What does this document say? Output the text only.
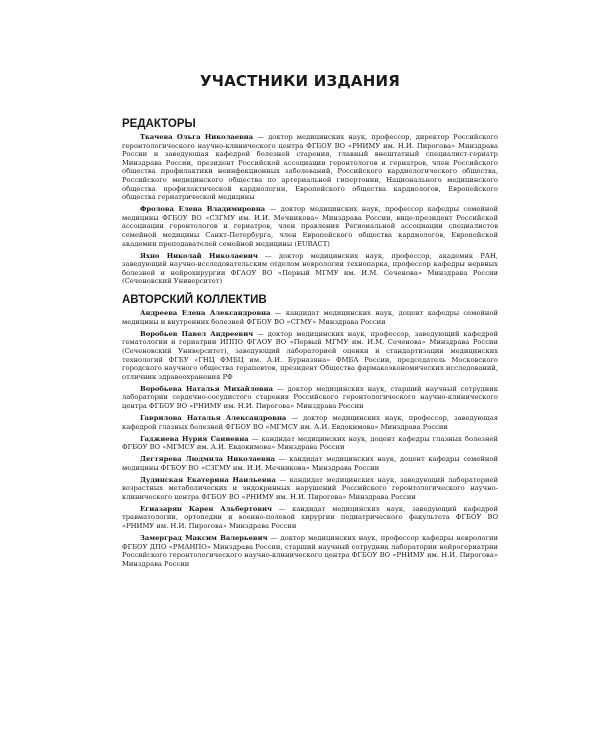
УЧАСТНИКИ ИЗДАНИЯ
РЕДАКТОРЫ

Ткачева Ольга Николаевна — доктор медицинских наук, профессор, директор Российского геронтологического научно-клинического центра ФГБОУ ВО «РНИМУ им. Н.И. Пирогова» Минздрава России и заведующая кафедрой болезней старения, главный внештатный специалист-гериатр Минздрава России, президент Российской ассоциации геронтологов и гериатров, член Российского общества профилактики неинфекционных заболеваний, Российского кардиологического общества, Российского медицинского общества по артериальной гипертонии, Национального медицинского общества профилактической кардиологии, Европейского общества кардиологов, Европейского общества гериатрической медицины

Фролова Елена Владимировна — доктор медицинских наук, профессор кафедры семейной медицины ФГБОУ ВО «СЗГМУ им. И.И. Мечникова» Минздрава России, вице-президент Российской ассоциации геронтологов и гериатров, член правления Региональной ассоциации специалистов семейной медицины Санкт-Петербурга, член Европейского общества кардиологов, Европейской академии преподавателей семейной медицины (EURACT)

Яхно Николай Николаевич — доктор медицинских наук, профессор, академик РАН, заведующий научно-исследовательским отделом неврологии технопарка, профессор кафедры нервных болезней и нейрохирургии ФГАОУ ВО «Первый МГМУ им. И.М. Сеченова» Минздрава России (Сеченовский Университет)

АВТОРСКИЙ КОЛЛЕКТИВ

Андреева Елена Александровна — кандидат медицинских наук, доцент кафедры семейной медицины и внутренних болезней ФГБОУ ВО «СГМУ» Минздрава России

Воробьев Павел Андреевич — доктор медицинских наук, профессор, заведующий кафедрой гематологии и гериатрии ИППО ФГАОУ ВО «Первый МГМУ им. И.М. Сеченова» Минздрава России (Сеченовский Университет), заведующий лабораторией оценки и стандартизации медицинских технологий ФГБУ «ГНЦ ФМБЦ им. А.И. Бурназяна» ФМБА России, председатель Московского городского научного общества терапевтов, президент Общества фармакоэкономических исследований, отличник здравоохранения РФ

Воробьева Наталья Михайловна — доктор медицинских наук, старший научный сотрудник лаборатории сердечно-сосудистого старения Российского геронтологического научно-клинического центра ФГБОУ ВО «РНИМУ им. Н.И. Пирогова» Минздрава России

Гаврилова Наталья Александровна — доктор медицинских наук, профессор, заведующая кафедрой глазных болезней ФГБОУ ВО «МГМСУ им. А.И. Евдокимова» Минздрава России

Гаджиева Нурия Саниевна — кандидат медицинских наук, доцент кафедры глазных болезней ФГБОУ ВО «МГМСУ им. А.И. Евдокимова» Минздрава России

Дегтярева Людмила Николаевна — кандидат медицинских наук, доцент кафедры семейной медицины ФГБОУ ВО «СЗГМУ им. И.И. Мечникова» Минздрава России

Дудинская Екатерина Наильевна — кандидат медицинских наук, заведующий лабораторией возрастных метаболических и эндокринных нарушений Российского геронтологического научно-клинического центра ФГБОУ ВО «РНИМУ им. Н.И. Пирогова» Минздрава России

Егиазарян Карен Альбертович — кандидат медицинских наук, заведующий кафедрой травматологии, ортопедии и военно-полевой хирургии педиатрического факультета ФГБОУ ВО «РНИМУ им. Н.И. Пирогова» Минздрава России

Замерград Максим Валерьевич — доктор медицинских наук, профессор кафедры неврологии ФГБОУ ДПО «РМАНПО» Минздрава России, старший научный сотрудник лаборатории нейрогериатрии Российского геронтологического научно-клинического центра ФГБОУ ВО «РНИМУ им. Н.И. Пирогова» Минздрава России
